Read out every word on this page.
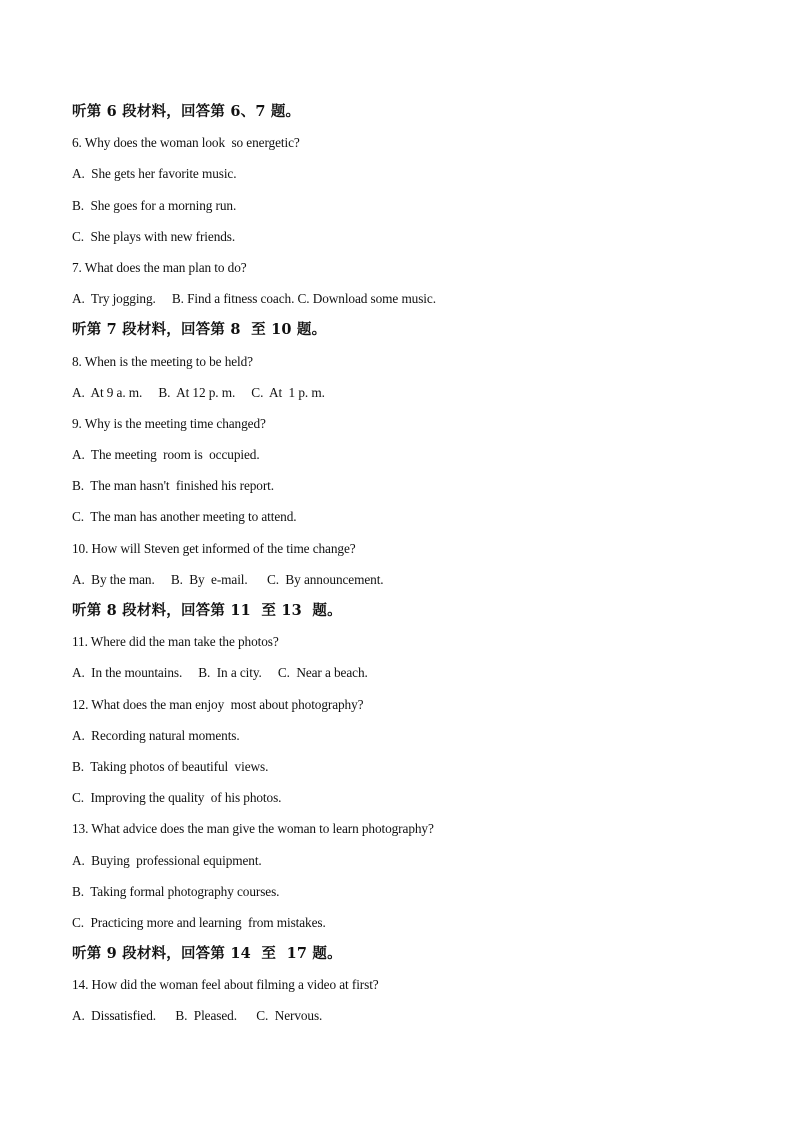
听第 6 段材料，回答第 6、7 题。
6. Why does the woman look  so energetic?
A.  She gets her favorite music.
B.  She goes for a morning run.
C.  She plays with new friends.
7. What does the man plan to do?
A.  Try jogging.     B. Find a fitness coach. C. Download some music.
听第 7 段材料，回答第 8  至 10 题。
8. When is the meeting to be held?
A.  At 9 a. m.     B.  At 12 p. m.     C.  At  1 p. m.
9. Why is the meeting time changed?
A.  The meeting  room is  occupied.
B.  The man hasn't  finished his report.
C.  The man has another meeting to attend.
10. How will Steven get informed of the time change?
A.  By the man.     B.  By  e-mail.      C.  By announcement.
听第 8 段材料，回答第 11  至 13  题。
11. Where did the man take the photos?
A.  In the mountains.     B.  In a city.     C.  Near a beach.
12. What does the man enjoy  most about photography?
A.  Recording natural moments.
B.  Taking photos of beautiful  views.
C.  Improving the quality  of his photos.
13. What advice does the man give the woman to learn photography?
A.  Buying  professional equipment.
B.  Taking formal photography courses.
C.  Practicing more and learning  from mistakes.
听第 9 段材料，回答第 14  至  17 题。
14. How did the woman feel about filming a video at first?
A.  Dissatisfied.      B.  Pleased.      C.  Nervous.
